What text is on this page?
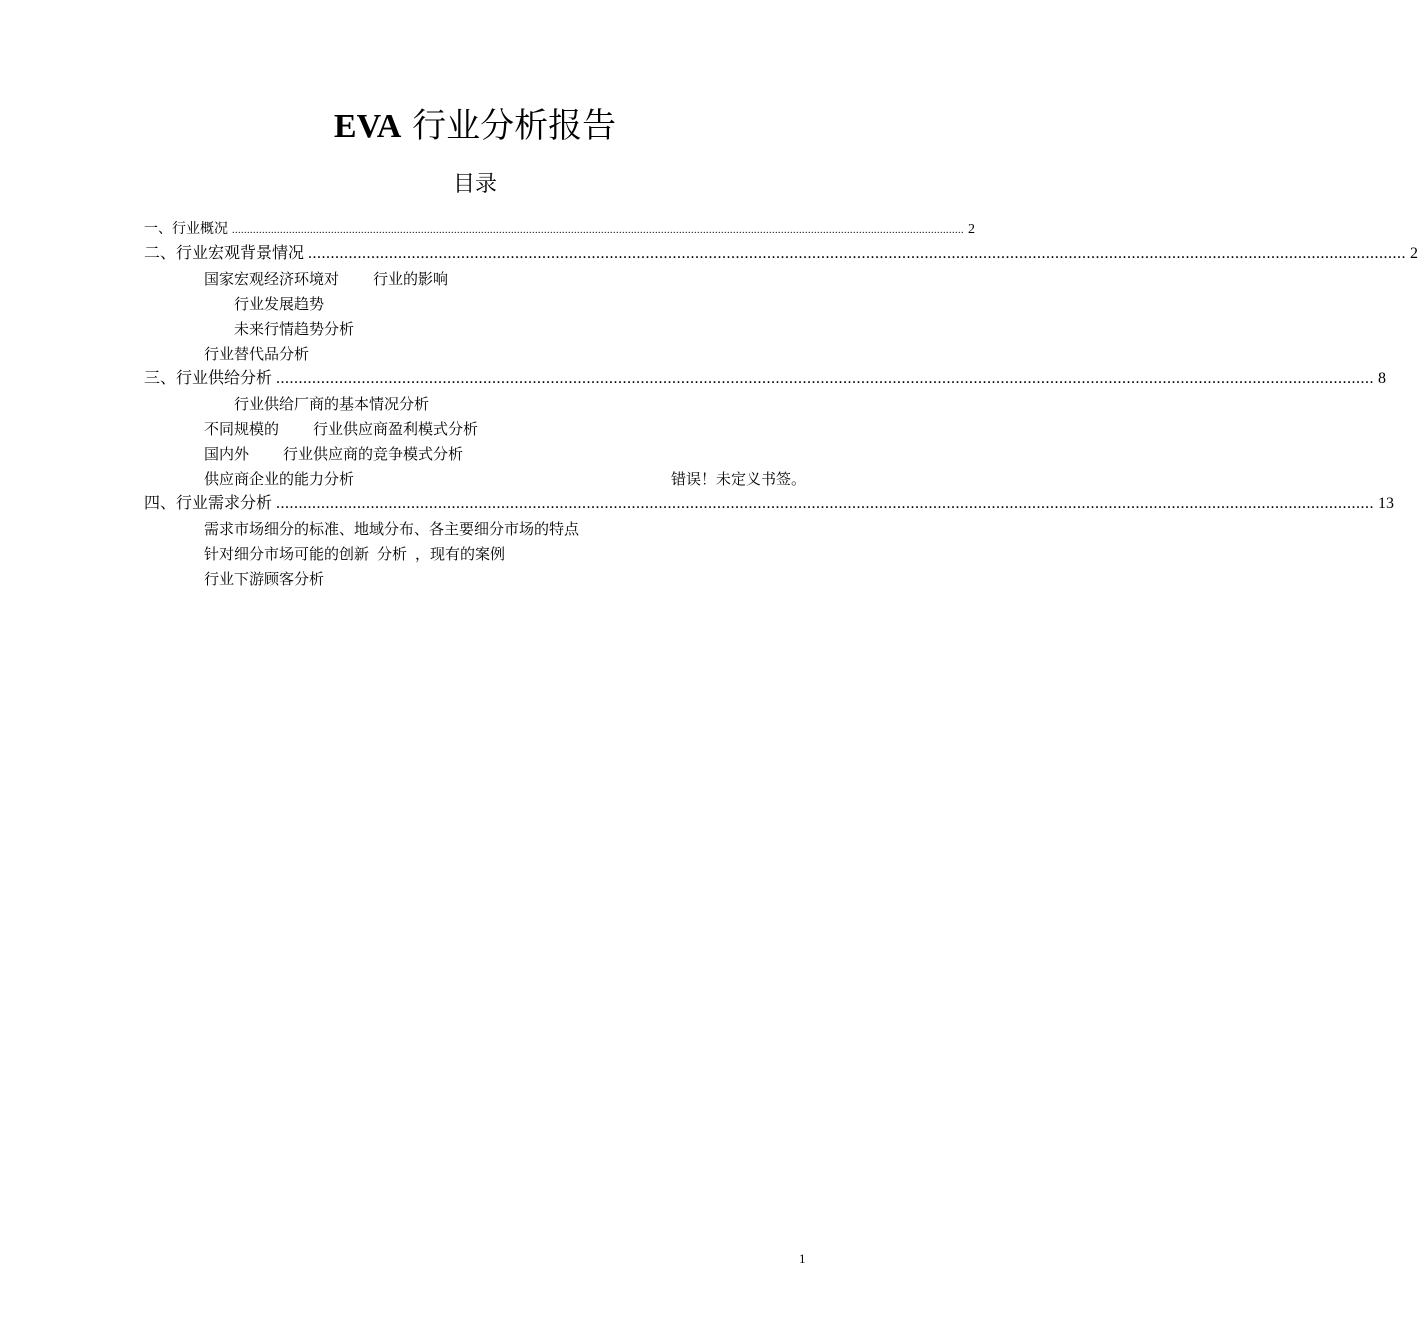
EVA 行业分析报告
目录
一、行业概况 .................................................................................................................................................................................................................................................... 2
二、行业宏观背景情况 .................................................................................................................................................................................................................................................... 2
国家宏观经济环境对 行业的影响
行业发展趋势
未来行情趋势分析
行业替代品分析
三、 行业供给分析 .................................................................................................................................................................................................................................................... 8
行业供给厂商的基本情况分析
不同规模的 行业供应商盈利模式分析
国内外 行业供应商的竞争模式分析
供应商企业的能力分析	错误！未定义书签。
四、行业需求分析 .................................................................................................................................................................................................................................................... 13
需求市场细分的标准、地域分布、各主要细分市场的特点
针对细分市场可能的创新 分析 ，现有的案例
行业下游顾客分析
1
